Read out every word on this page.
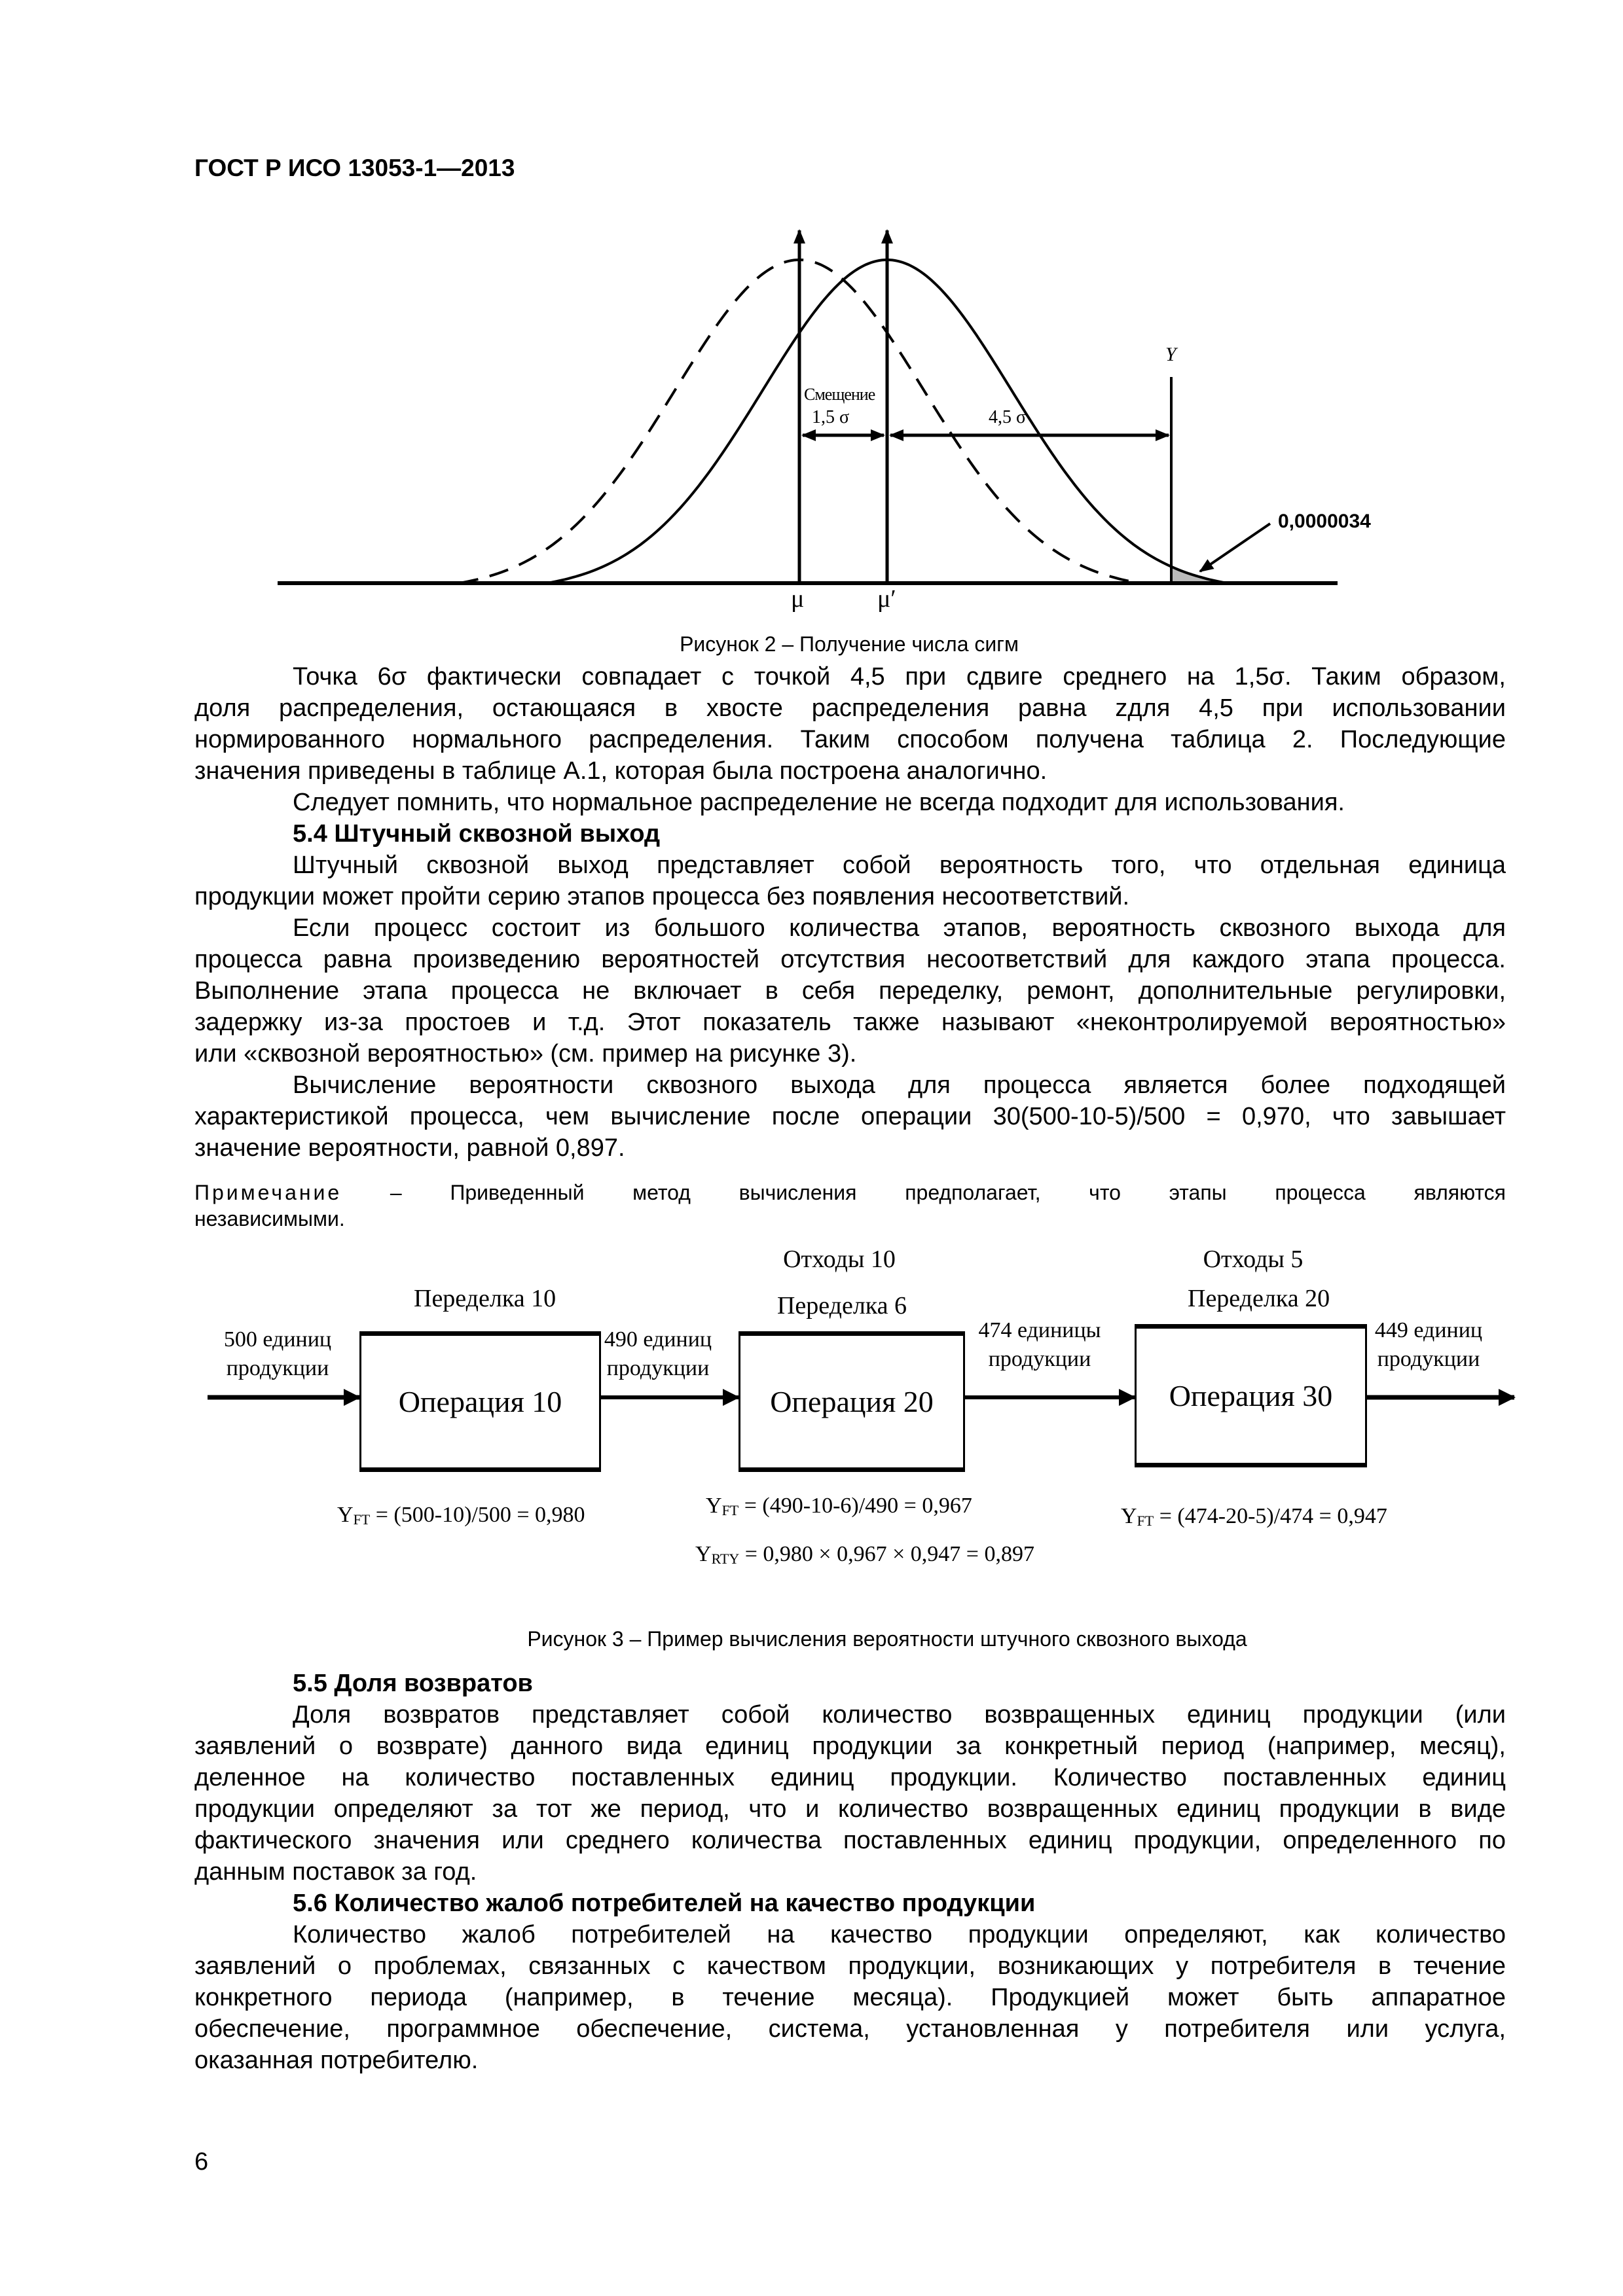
ГОСТ Р ИСО 13053-1—2013
Смещение
1,5 σ	4,5 σ
Y
0,0000034
μ	μ′
Рисунок 2 – Получение числа сигм
Точка 6σ фактически совпадает с точкой 4,5 при сдвиге среднего на 1,5σ. Таким образом,
доля распределения, остающаяся в хвосте распределения равна zдля 4,5 при использовании
нормированного нормального распределения. Таким способом получена таблица 2. Последующие
значения приведены в таблице А.1, которая была построена аналогично.
Следует помнить, что нормальное распределение не всегда подходит для использования.
5.4 Штучный сквозной выход
Штучный сквозной выход представляет собой вероятность того, что отдельная единица
продукции может пройти серию этапов процесса без появления несоответствий.
Если процесс состоит из большого количества этапов, вероятность сквозного выхода для
процесса равна произведению вероятностей отсутствия несоответствий для каждого этапа процесса.
Выполнение этапа процесса не включает в себя переделку, ремонт, дополнительные регулировки,
задержку из-за простоев и т.д. Этот показатель также называют «неконтролируемой вероятностью»
или «сквозной вероятностью» (см. пример на рисунке 3).
Вычисление вероятности сквозного выхода для процесса является более подходящей
характеристикой процесса, чем вычисление после операции 30(500-10-5)/500 = 0,970, что завышает
значение вероятности, равной 0,897.
Примечание – Приведенный метод вычисления предполагает, что этапы процесса являются
независимыми.
Операция 10	Операция 20	Операция 30
Переделка 10
Отходы 10
Переделка 6
Отходы 5
Переделка 20
500 единиц
продукции
490 единиц
продукции
474 единицы
продукции
449 единиц
продукции
$Y_{FT} = (500-10)/500 = 0,980$	$Y_{FT} = (490-10-6)/490 = 0,967$	$Y_{FT} = (474-20-5)/474 = 0,947$
$Y_{RTY} = 0,980 \times 0,967 \times 0,947 = 0,897$
Рисунок 3 – Пример вычисления вероятности штучного сквозного выхода
5.5 Доля возвратов
Доля возвратов представляет собой количество возвращенных единиц продукции (или
заявлений о возврате) данного вида единиц продукции за конкретный период (например, месяц),
деленное на количество поставленных единиц продукции. Количество поставленных единиц
продукции определяют за тот же период, что и количество возвращенных единиц продукции в виде
фактического значения или среднего количества поставленных единиц продукции, определенного по
данным поставок за год.
5.6 Количество жалоб потребителей на качество продукции
Количество жалоб потребителей на качество продукции определяют, как количество
заявлений о проблемах, связанных с качеством продукции, возникающих у потребителя в течение
конкретного периода (например, в течение месяца). Продукцией может быть аппаратное
обеспечение, программное обеспечение, система, установленная у потребителя или услуга,
оказанная потребителю.
6
